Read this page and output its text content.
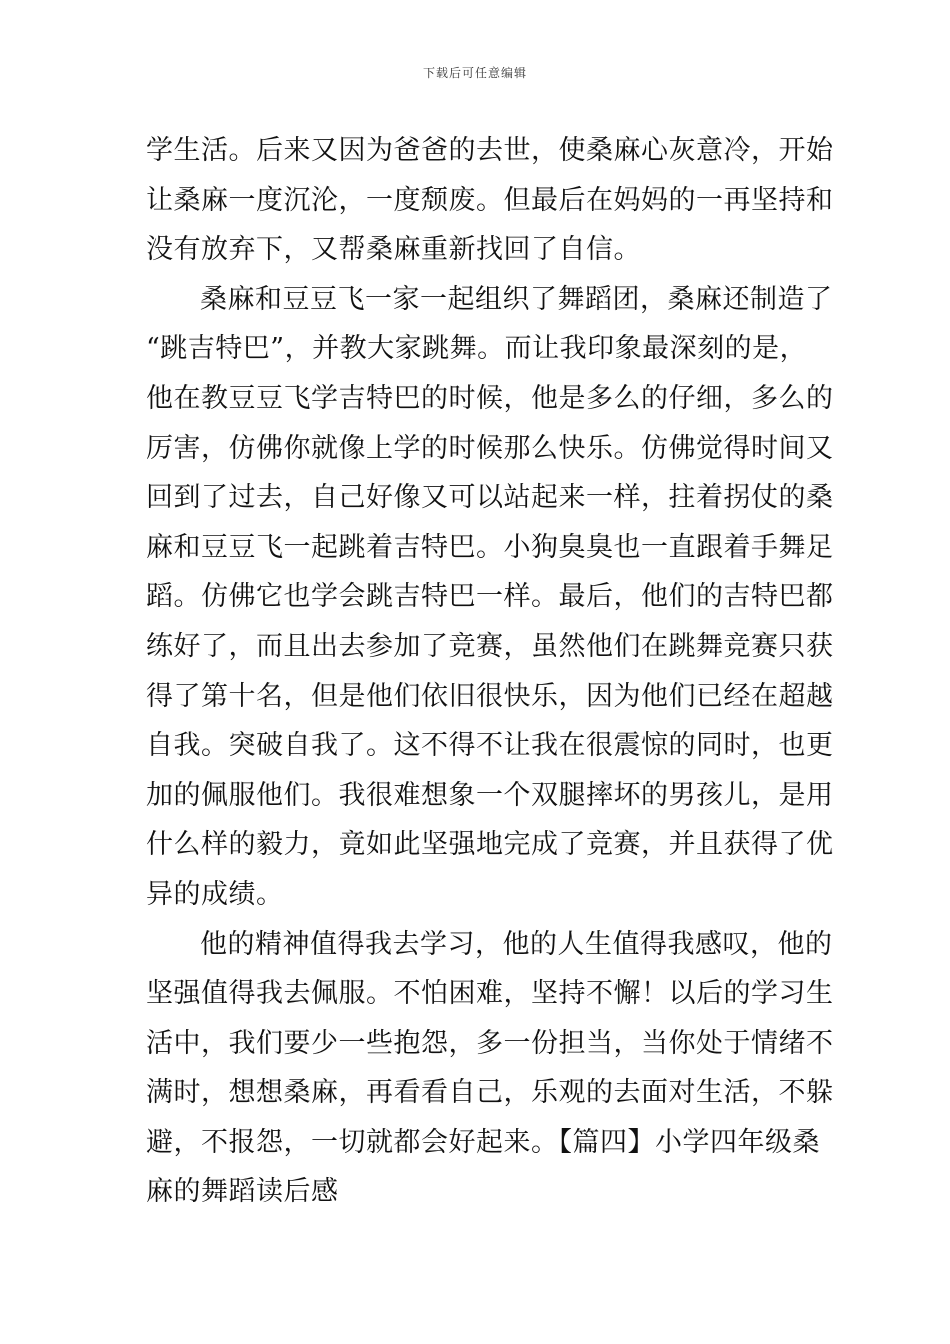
下载后可任意编辑
学生活。后来又因为爸爸的去世，使桑麻心灰意冷，开始
让桑麻一度沉沦，一度颓废。但最后在妈妈的一再坚持和
没有放弃下，又帮桑麻重新找回了自信。
桑麻和豆豆飞一家一起组织了舞蹈团，桑麻还制造了
“跳吉特巴”，并教大家跳舞。而让我印象最深刻的是，
他在教豆豆飞学吉特巴的时候，他是多么的仔细，多么的
厉害，仿佛你就像上学的时候那么快乐。仿佛觉得时间又
回到了过去，自己好像又可以站起来一样，拄着拐仗的桑
麻和豆豆飞一起跳着吉特巴。小狗臭臭也一直跟着手舞足
蹈。仿佛它也学会跳吉特巴一样。最后，他们的吉特巴都
练好了，而且出去参加了竞赛，虽然他们在跳舞竞赛只获
得了第十名，但是他们依旧很快乐，因为他们已经在超越
自我。突破自我了。这不得不让我在很震惊的同时，也更
加的佩服他们。我很难想象一个双腿摔坏的男孩儿，是用
什么样的毅力，竟如此坚强地完成了竞赛，并且获得了优
异的成绩。
他的精神值得我去学习，他的人生值得我感叹，他的
坚强值得我去佩服。不怕困难，坚持不懈！以后的学习生
活中，我们要少一些抱怨，多一份担当，当你处于情绪不
满时，想想桑麻，再看看自己，乐观的去面对生活，不躲
避，不报怨，一切就都会好起来。【篇四】小学四年级桑
麻的舞蹈读后感
